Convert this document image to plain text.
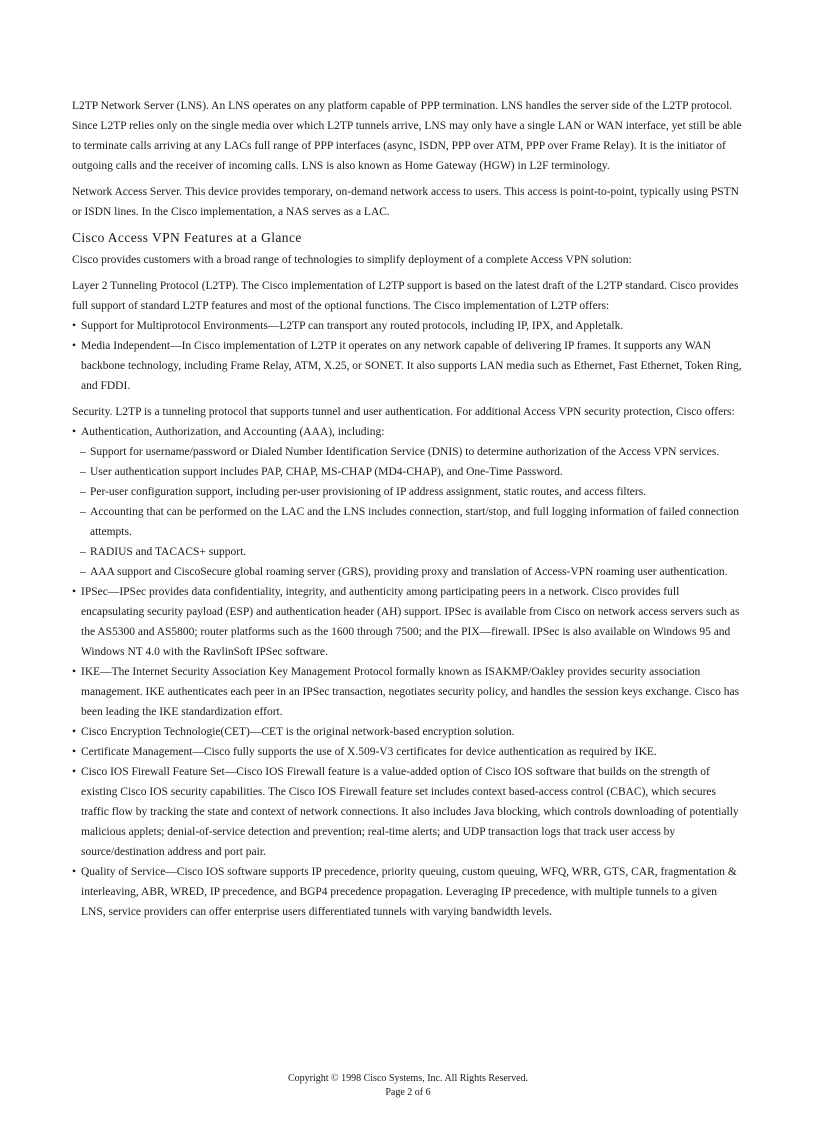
L2TP Network Server (LNS). An LNS operates on any platform capable of PPP termination. LNS handles the server side of the L2TP protocol. Since L2TP relies only on the single media over which L2TP tunnels arrive, LNS may only have a single LAN or WAN interface, yet still be able to terminate calls arriving at any LACs full range of PPP interfaces (async, ISDN, PPP over ATM, PPP over Frame Relay). It is the initiator of outgoing calls and the receiver of incoming calls. LNS is also known as Home Gateway (HGW) in L2F terminology.

Network Access Server. This device provides temporary, on-demand network access to users. This access is point-to-point, typically using PSTN or ISDN lines. In the Cisco implementation, a NAS serves as a LAC.

Cisco Access VPN Features at a Glance

Cisco provides customers with a broad range of technologies to simplify deployment of a complete Access VPN solution:

Layer 2 Tunneling Protocol (L2TP). The Cisco implementation of L2TP support is based on the latest draft of the L2TP standard. Cisco provides full support of standard L2TP features and most of the optional functions. The Cisco implementation of L2TP offers:

• Support for Multiprotocol Environments—L2TP can transport any routed protocols, including IP, IPX, and Appletalk.
• Media Independent—In Cisco implementation of L2TP it operates on any network capable of delivering IP frames. It supports any WAN backbone technology, including Frame Relay, ATM, X.25, or SONET. It also supports LAN media such as Ethernet, Fast Ethernet, Token Ring, and FDDI.

Security. L2TP is a tunneling protocol that supports tunnel and user authentication. For additional Access VPN security protection, Cisco offers:

• Authentication, Authorization, and Accounting (AAA), including:
– Support for username/password or Dialed Number Identification Service (DNIS) to determine authorization of the Access VPN services.
– User authentication support includes PAP, CHAP, MS-CHAP (MD4-CHAP), and One-Time Password.
– Per-user configuration support, including per-user provisioning of IP address assignment, static routes, and access filters.
– Accounting that can be performed on the LAC and the LNS includes connection, start/stop, and full logging information of failed connection attempts.
– RADIUS and TACACS+ support.
– AAA support and CiscoSecure global roaming server (GRS), providing proxy and translation of Access-VPN roaming user authentication.
• IPSec—IPSec provides data confidentiality, integrity, and authenticity among participating peers in a network. Cisco provides full encapsulating security payload (ESP) and authentication header (AH) support. IPSec is available from Cisco on network access servers such as the AS5300 and AS5800; router platforms such as the 1600 through 7500; and the PIX—firewall. IPSec is also available on Windows 95 and Windows NT 4.0 with the RavlinSoft IPSec software.
• IKE—The Internet Security Association Key Management Protocol formally known as ISAKMP/Oakley provides security association management. IKE authenticates each peer in an IPSec transaction, negotiates security policy, and handles the session keys exchange. Cisco has been leading the IKE standardization effort.
• Cisco Encryption Technologie(CET)—CET is the original network-based encryption solution.
• Certificate Management—Cisco fully supports the use of X.509-V3 certificates for device authentication as required by IKE.
• Cisco IOS Firewall Feature Set—Cisco IOS Firewall feature is a value-added option of Cisco IOS software that builds on the strength of existing Cisco IOS security capabilities. The Cisco IOS Firewall feature set includes context based-access control (CBAC), which secures traffic flow by tracking the state and context of network connections. It also includes Java blocking, which controls downloading of potentially malicious applets; denial-of-service detection and prevention; real-time alerts; and UDP transaction logs that track user access by source/destination address and port pair.
• Quality of Service—Cisco IOS software supports IP precedence, priority queuing, custom queuing, WFQ, WRR, GTS, CAR, fragmentation & interleaving, ABR, WRED, IP precedence, and BGP4 precedence propagation. Leveraging IP precedence, with multiple tunnels to a given LNS, service providers can offer enterprise users differentiated tunnels with varying bandwidth levels.
Copyright © 1998 Cisco Systems, Inc. All Rights Reserved.
Page 2 of 6
